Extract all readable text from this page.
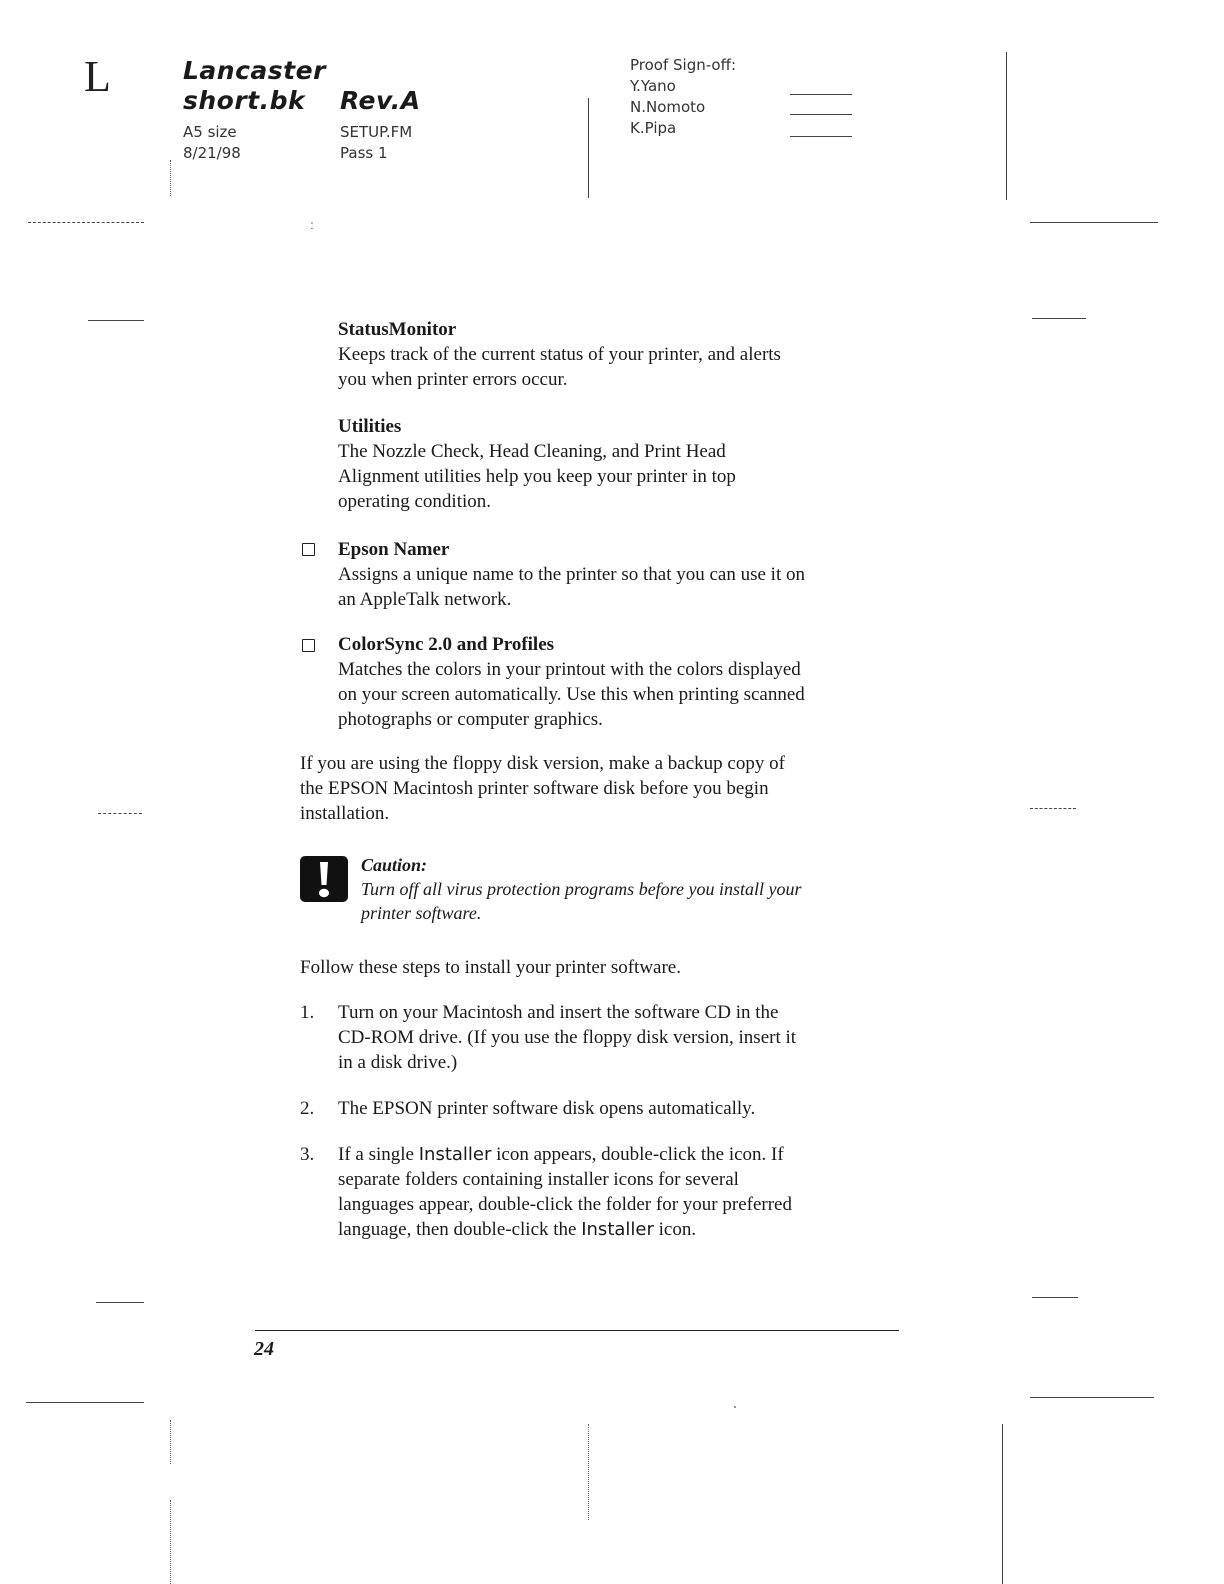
L	Lancaster
short.bk Rev.A
A5 size
8/21/98
SETUP.FM
Pass 1
Proof Sign-off:
Y.Yano
N.Nomoto
K.Pipa
ː
StatusMonitor
Keeps track of the current status of your printer, and alerts
you when printer errors occur.
Utilities
The Nozzle Check, Head Cleaning, and Print Head
Alignment utilities help you keep your printer in top
operating condition.
Epson Namer
Assigns a unique name to the printer so that you can use it on
an AppleTalk network.
ColorSync 2.0 and Profiles
Matches the colors in your printout with the colors displayed
on your screen automatically. Use this when printing scanned
photographs or computer graphics.
If you are using the floppy disk version, make a backup copy of
the EPSON Macintosh printer software disk before you begin
installation.
Caution:
Turn off all virus protection programs before you install your
printer software.
Follow these steps to install your printer software.
1. Turn on your Macintosh and insert the software CD in the
CD-ROM drive. (If you use the floppy disk version, insert it
in a disk drive.)
2. The EPSON printer software disk opens automatically.
3. If a single Installer icon appears, double-click the icon. If
separate folders containing installer icons for several
languages appear, double-click the folder for your preferred
language, then double-click the Installer icon.
24
